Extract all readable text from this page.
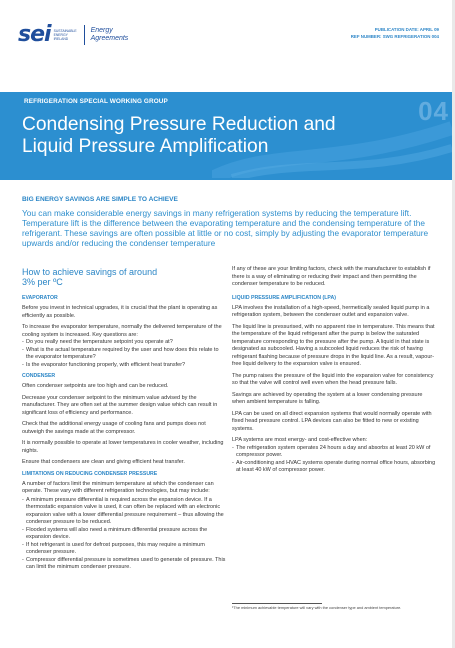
sei SUSTAINABLE ENERGY IRELAND
Energy
Agreements
PUBLICATION DATE: APRIL 09
REF NUMBER: SWG REFRIGERATION 004
04
REFRIGERATION SPECIAL WORKING GROUP
Condensing Pressure Reduction and
Liquid Pressure Amplification
BIG ENERGY SAVINGS ARE SIMPLE TO ACHIEVE
You can make considerable energy savings in many refrigeration systems by reducing the temperature lift. Temperature lift is the difference between the evaporating temperature and the condensing temperature of the refrigerant. These savings are often possible at little or no cost, simply by adjusting the evaporator temperature upwards and/or reducing the condenser temperature
How to achieve savings of around
3% per ºC
EVAPORATOR

Before you invest in technical upgrades, it is crucial that the plant is operating as efficiently as possible.

To increase the evaporator temperature, normally the delivered temperature of the cooling system is increased. Key questions are:

- Do you really need the temperature setpoint you operate at?
- What is the actual temperature required by the user and how does this relate to the evaporator temperature?
- Is the evaporator functioning properly, with efficient heat transfer?
CONDENSER

Often condenser setpoints are too high and can be reduced.

Decrease your condenser setpoint to the minimum value advised by the manufacturer. They are often set at the summer design value which can result in significant loss of efficiency and performance.

Check that the additional energy usage of cooling fans and pumps does not outweigh the savings made at the compressor.

It is normally possible to operate at lower temperatures in cooler weather, including nights.

Ensure that condensers are clean and giving efficient heat transfer.

LIMITATIONS ON REDUCING CONDENSER PRESSURE

A number of factors limit the minimum temperature at which the condenser can operate. These vary with different refrigeration technologies, but may include:

- A minimum pressure differential is required across the expansion device. If a thermostatic expansion valve is used, it can often be replaced with an electronic expansion valve with a lower differential pressure requirement – thus allowing the condenser pressure to be reduced.
- Flooded systems will also need a minimum differential pressure across the expansion device.
- If hot refrigerant is used for defrost purposes, this may require a minimum condenser pressure.
- Compressor differential pressure is sometimes used to generate oil pressure. This can limit the minimum condenser pressure.

If any of these are your limiting factors, check with the manufacturer to establish if there is a way of eliminating or reducing their impact and then permitting the condenser temperature to be reduced.

LIQUID PRESSURE AMPLIFICATION (LPA)

LPA involves the installation of a high-speed, hermetically sealed liquid pump in a refrigeration system, between the condenser outlet and expansion valve.

The liquid line is pressurised, with no apparent rise in temperature. This means that the temperature of the liquid refrigerant after the pump is below the saturated temperature corresponding to the pressure after the pump. A liquid in that state is designated as subcooled. Having a subcooled liquid reduces the risk of having refrigerant flashing because of pressure drops in the liquid line. As a result, vapour-free liquid delivery to the expansion valve is ensured.

The pump raises the pressure of the liquid into the expansion valve for consistency so that the valve will control well even when the head pressure falls.

Savings are achieved by operating the system at a lower condensing pressure when ambient temperature is falling.

LPA can be used on all direct expansion systems that would normally operate with fixed head pressure control. LPA devices can also be fitted to new or existing systems.

LPA systems are most energy- and cost-effective when:

- The refrigeration system operates 24 hours a day and absorbs at least 20 kW of compressor power.
- Air-conditioning and HVAC systems operate during normal office hours, absorbing at least 40 kW of compressor power.
¹The minimum achievable temperature will vary with the condenser type and ambient temperature.
